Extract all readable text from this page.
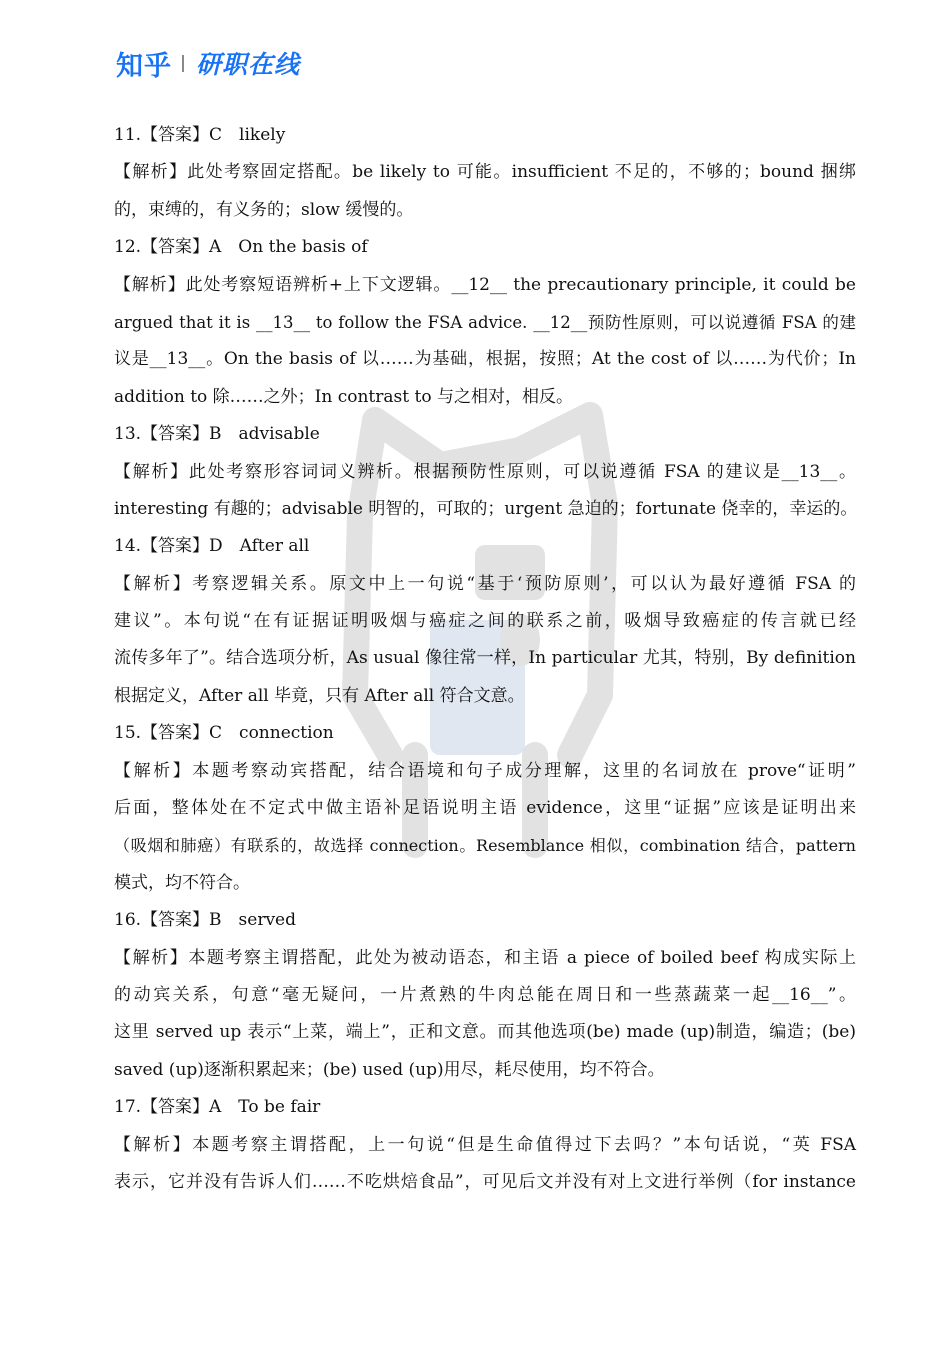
知乎 研职在线
11.【答案】C　likely
【解析】此处考察固定搭配。be likely to 可能。insufficient 不足的，不够的；bound 捆绑
的，束缚的，有义务的；slow 缓慢的。
12.【答案】A　On the basis of
【解析】此处考察短语辨析+上下文逻辑。__12__ the precautionary principle, it could be
argued that it is __13__ to follow the FSA advice. __12__预防性原则，可以说遵循 FSA 的建
议是__13__。On the basis of 以……为基础，根据，按照；At the cost of 以……为代价；In
addition to 除……之外；In contrast to 与之相对，相反。
13.【答案】B　advisable
【解析】此处考察形容词词义辨析。根据预防性原则，可以说遵循 FSA 的建议是__13__。
interesting 有趣的；advisable 明智的，可取的；urgent 急迫的；fortunate 侥幸的，幸运的。
14.【答案】D　After all
【解析】考察逻辑关系。原文中上一句说“基于‘预防原则’，可以认为最好遵循 FSA 的
建议”。本句说“在有证据证明吸烟与癌症之间的联系之前，吸烟导致癌症的传言就已经
流传多年了”。结合选项分析，As usual 像往常一样，In particular 尤其，特别，By definition
根据定义，After all 毕竟，只有 After all 符合文意。
15.【答案】C　connection
【解析】本题考察动宾搭配，结合语境和句子成分理解，这里的名词放在 prove“证明”
后面，整体处在不定式中做主语补足语说明主语 evidence，这里“证据”应该是证明出来
（吸烟和肺癌）有联系的，故选择 connection。Resemblance 相似，combination 结合，pattern
模式，均不符合。
16.【答案】B　served
【解析】本题考察主谓搭配，此处为被动语态，和主语 a piece of boiled beef 构成实际上
的动宾关系，句意“毫无疑问，一片煮熟的牛肉总能在周日和一些蒸蔬菜一起__16__”。
这里 served up 表示“上菜，端上”，正和文意。而其他选项(be) made (up)制造，编造；(be)
saved (up)逐渐积累起来；(be) used (up)用尽，耗尽使用，均不符合。
17.【答案】A　To be fair
【解析】本题考察主谓搭配，上一句说“但是生命值得过下去吗？”本句话说，“英 FSA
表示，它并没有告诉人们……不吃烘焙食品”，可见后文并没有对上文进行举例（for instance
